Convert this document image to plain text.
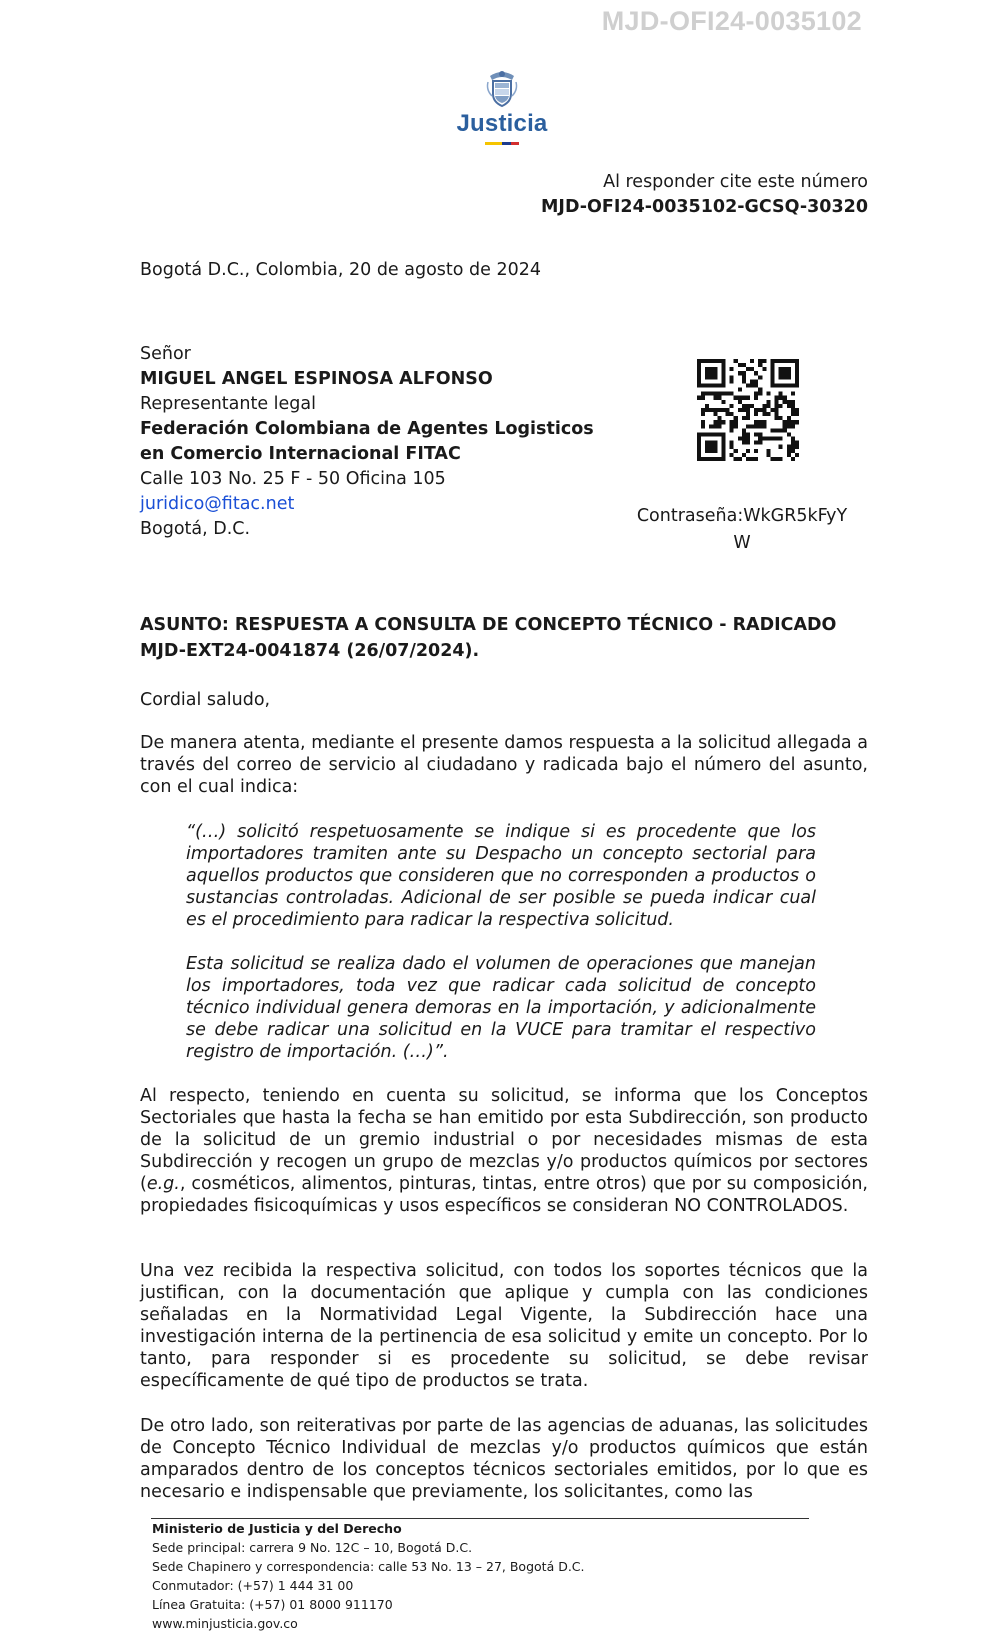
MJD-OFI24-0035102
Justicia
Al responder cite este número
MJD-OFI24-0035102-GCSQ-30320
Bogotá D.C., Colombia, 20 de agosto de 2024
Señor
MIGUEL ANGEL ESPINOSA ALFONSO
Representante legal
Federación Colombiana de Agentes Logisticos
en Comercio Internacional FITAC
Calle 103 No. 25 F - 50 Oficina 105
juridico@fitac.net
Bogotá, D.C.
Contraseña:WkGR5kFyY
W
ASUNTO: RESPUESTA A CONSULTA DE CONCEPTO TÉCNICO - RADICADO
MJD-EXT24-0041874 (26/07/2024).
Cordial saludo,
De manera atenta, mediante el presente damos respuesta a la solicitud allegada a través del correo de servicio al ciudadano y radicada bajo el número del asunto, con el cual indica:
“(…) solicitó respetuosamente se indique si es procedente que los importadores tramiten ante su Despacho un concepto sectorial para aquellos productos que consideren que no corresponden a productos o sustancias controladas. Adicional de ser posible se pueda indicar cual es el procedimiento para radicar la respectiva solicitud.
Esta solicitud se realiza dado el volumen de operaciones que manejan los importadores, toda vez que radicar cada solicitud de concepto técnico individual genera demoras en la importación, y adicionalmente se debe radicar una solicitud en la VUCE para tramitar el respectivo registro de importación. (…)”.
Al respecto, teniendo en cuenta su solicitud, se informa que los Conceptos Sectoriales que hasta la fecha se han emitido por esta Subdirección, son producto de la solicitud de un gremio industrial o por necesidades mismas de esta Subdirección y recogen un grupo de mezclas y/o productos químicos por sectores (e.g., cosméticos, alimentos, pinturas, tintas, entre otros) que por su composición, propiedades fisicoquímicas y usos específicos se consideran NO CONTROLADOS.
Una vez recibida la respectiva solicitud, con todos los soportes técnicos que la justifican, con la documentación que aplique y cumpla con las condiciones señaladas en la Normatividad Legal Vigente, la Subdirección hace una investigación interna de la pertinencia de esa solicitud y emite un concepto. Por lo tanto, para responder si es procedente su solicitud, se debe revisar específicamente de qué tipo de productos se trata.
De otro lado, son reiterativas por parte de las agencias de aduanas, las solicitudes de Concepto Técnico Individual de mezclas y/o productos químicos que están amparados dentro de los conceptos técnicos sectoriales emitidos, por lo que es necesario e indispensable que previamente, los solicitantes, como las
Ministerio de Justicia y del Derecho
Sede principal: carrera 9 No. 12C – 10, Bogotá D.C.
Sede Chapinero y correspondencia: calle 53 No. 13 – 27, Bogotá D.C.
Conmutador: (+57) 1 444 31 00
Línea Gratuita: (+57) 01 8000 911170
www.minjusticia.gov.co
